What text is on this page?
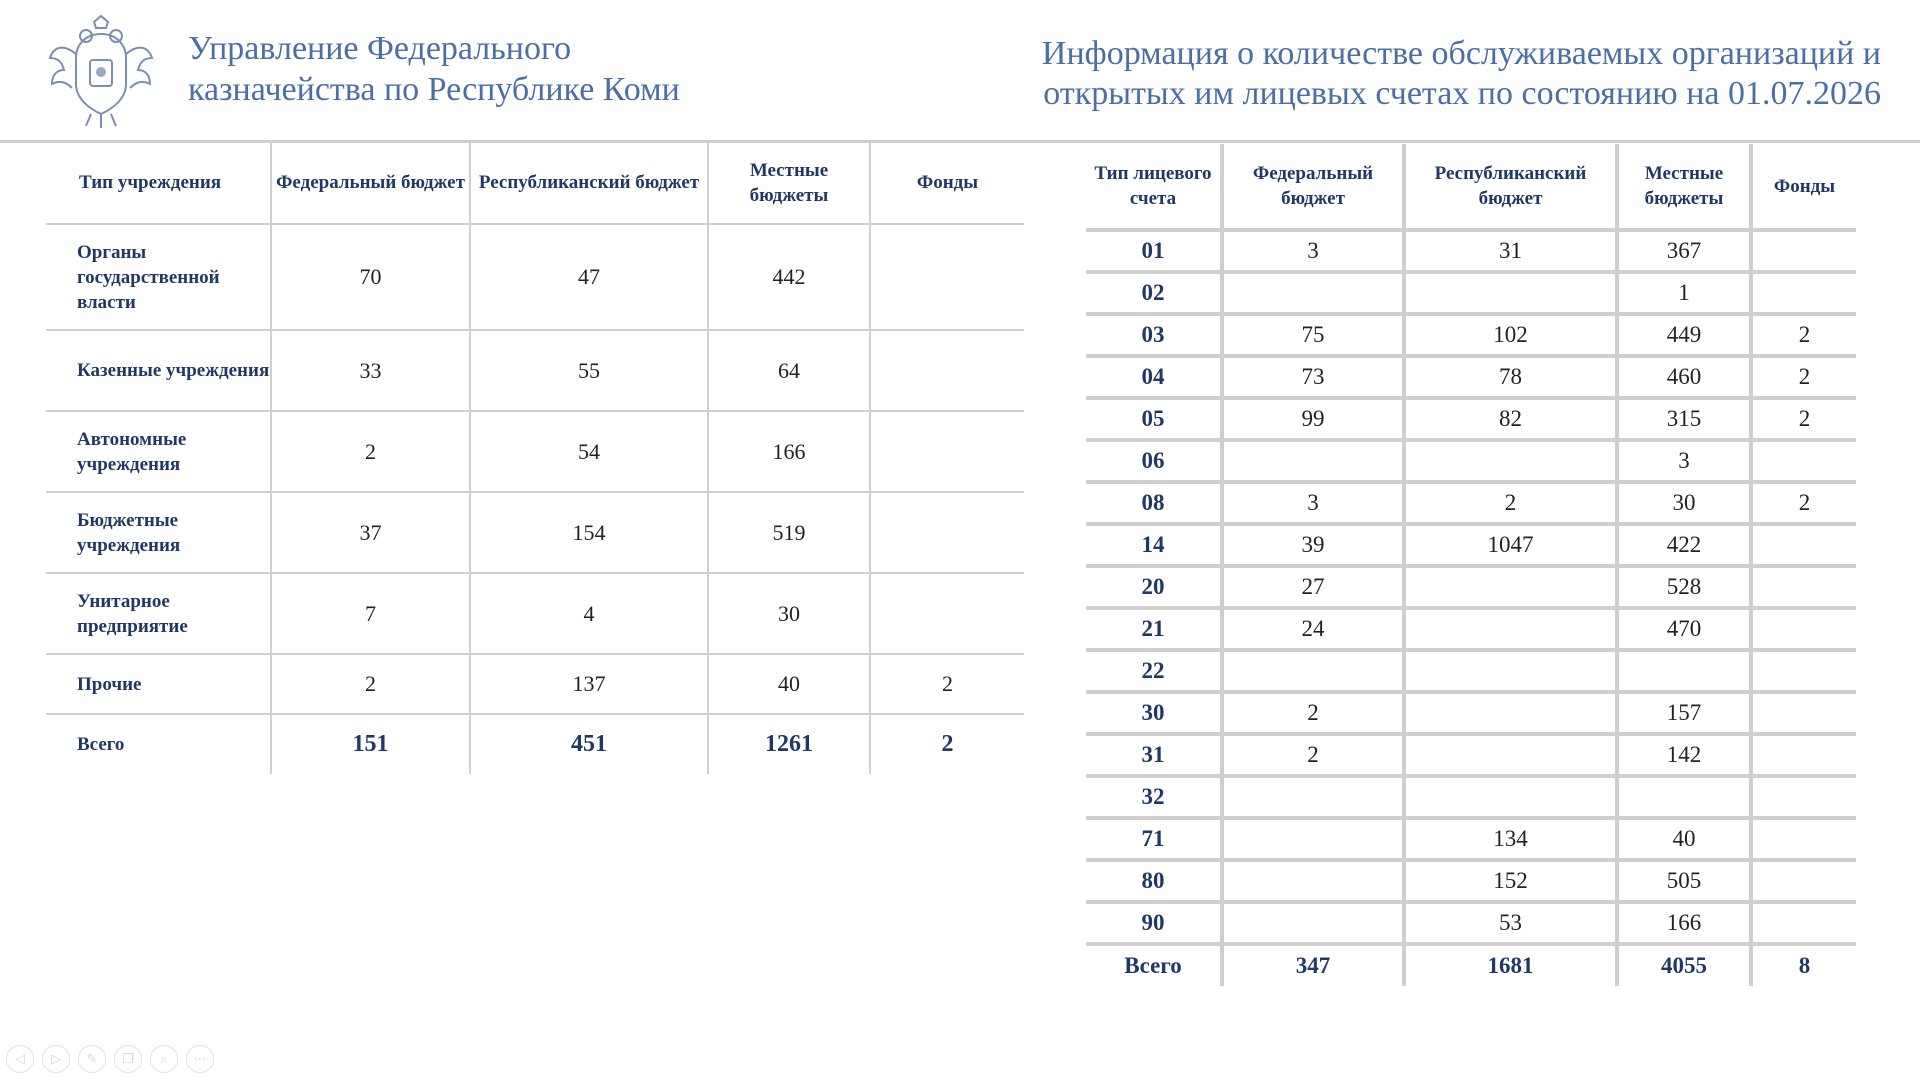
Управление Федерального
казначейства по Республике Коми
Информация о количестве обслуживаемых организаций и
открытых им лицевых счетах по состоянию на 01.07.2026
Тип учреждения	Федеральный бюджет	Республиканский бюджет	Местные бюджеты	Фонды
Органы государственной власти	70	47	442	
Казенные учреждения	33	55	64	
Автономные учреждения	2	54	166	
Бюджетные учреждения	37	154	519	
Унитарное предприятие	7	4	30	
Прочие	2	137	40	2
Всего	151	451	1261	2
Тип лицевого счета	Федеральный бюджет	Республиканский бюджет	Местные бюджеты	Фонды
01	3	31	367	
02			1	
03	75	102	449	2
04	73	78	460	2
05	99	82	315	2
06			3	
08	3	2	30	2
14	39	1047	422	
20	27		528	
21	24		470	
22				
30	2		157	
31	2		142	
32				
71		134	40	
80		152	505	
90		53	166	
Всего	347	1681	4055	8
◁	▷	✎	❐	⌕	⋯
